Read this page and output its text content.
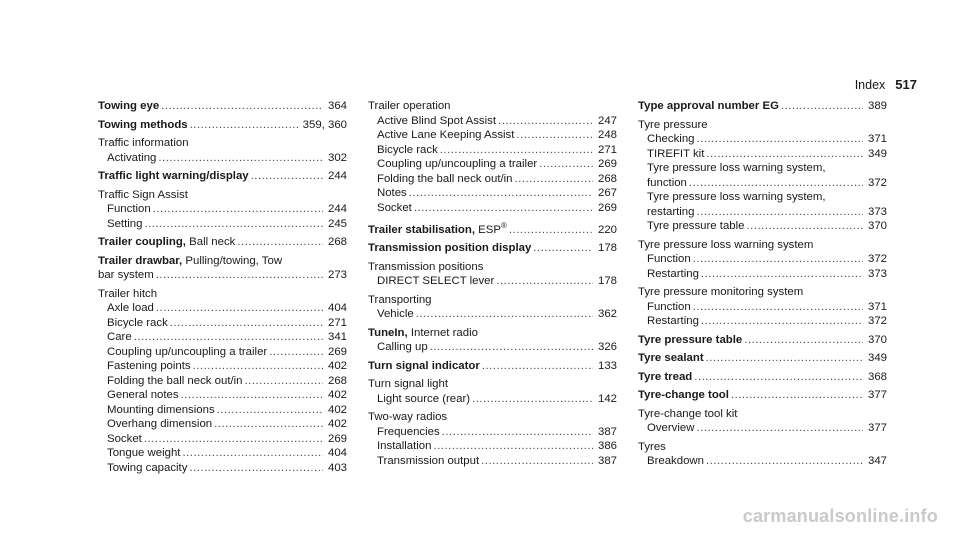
Index 517
Towing eye .....	364
Towing methods .....	359, 360
Traffic information
Activating .....	302
Traffic light warning/display .....	244
Traffic Sign Assist
Function .....	244
Setting .....	245
Trailer coupling, Ball neck .....	268
Trailer drawbar, Pulling/towing, Tow
bar system .....	273
Trailer hitch
Axle load .....	404
Bicycle rack .....	271
Care .....	341
Coupling up/uncoupling a trailer .....	269
Fastening points .....	402
Folding the ball neck out/in .....	268
General notes .....	402
Mounting dimensions .....	402
Overhang dimension .....	402
Socket .....	269
Tongue weight .....	404
Towing capacity .....	403
Trailer operation
Active Blind Spot Assist .....	247
Active Lane Keeping Assist .....	248
Bicycle rack .....	271
Coupling up/uncoupling a trailer .....	269
Folding the ball neck out/in .....	268
Notes .....	267
Socket .....	269
Trailer stabilisation, ESP® .....	220
Transmission position display .....	178
Transmission positions
DIRECT SELECT lever .....	178
Transporting
Vehicle .....	362
TuneIn, Internet radio
Calling up .....	326
Turn signal indicator .....	133
Turn signal light
Light source (rear) .....	142
Two-way radios
Frequencies .....	387
Installation .....	386
Transmission output .....	387
Type approval number EG .....	389
Tyre pressure
Checking .....	371
TIREFIT kit .....	349
Tyre pressure loss warning system,
function .....	372
Tyre pressure loss warning system,
restarting .....	373
Tyre pressure table .....	370
Tyre pressure loss warning system
Function .....	372
Restarting .....	373
Tyre pressure monitoring system
Function .....	371
Restarting .....	372
Tyre pressure table .....	370
Tyre sealant .....	349
Tyre tread .....	368
Tyre-change tool .....	377
Tyre-change tool kit
Overview .....	377
Tyres
Breakdown .....	347
carmanualsonline.info
